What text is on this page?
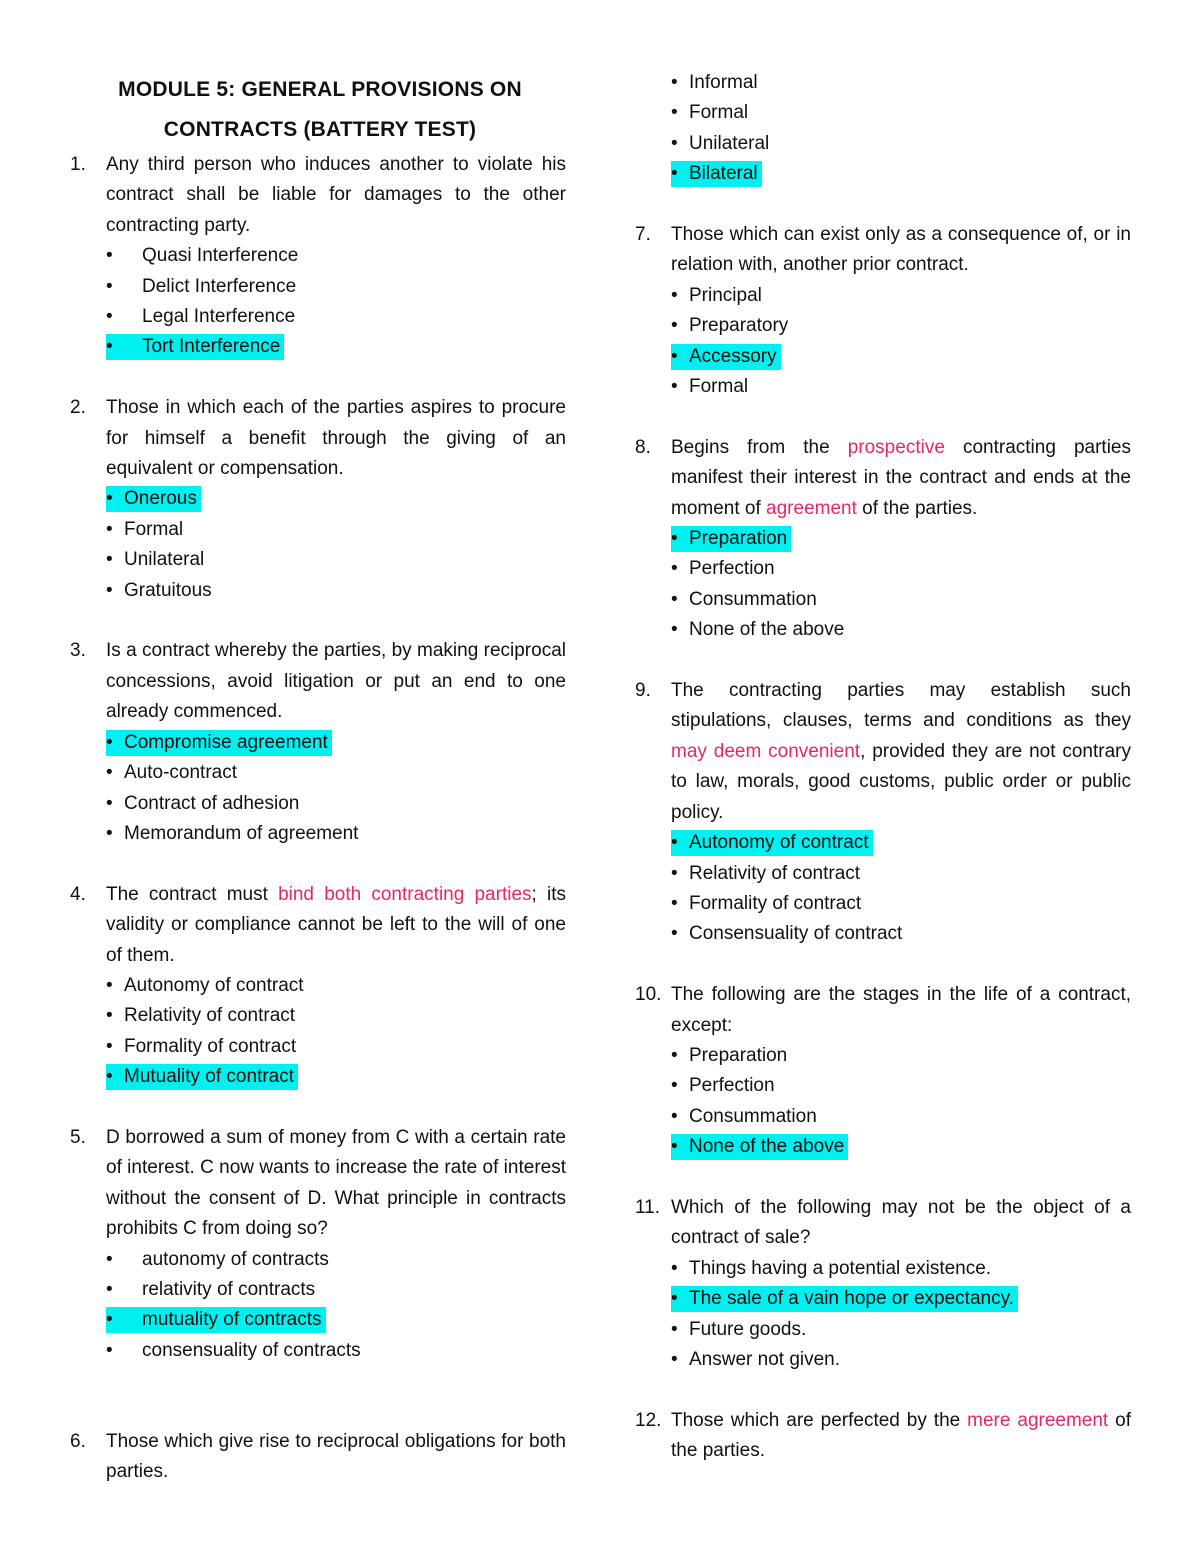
MODULE 5: GENERAL PROVISIONS ON
CONTRACTS (BATTERY TEST)
1.	Any third person who induces another to violate his contract shall be liable for damages to the other contracting party.
• Quasi Interference
• Delict Interference
• Legal Interference
• Tort Interference
2.	Those in which each of the parties aspires to procure for himself a benefit through the giving of an equivalent or compensation.
• Onerous
• Formal
• Unilateral
• Gratuitous
3.	Is a contract whereby the parties, by making reciprocal concessions, avoid litigation or put an end to one already commenced.
• Compromise agreement
• Auto-contract
• Contract of adhesion
• Memorandum of agreement
4.	The contract must bind both contracting parties; its validity or compliance cannot be left to the will of one of them.
• Autonomy of contract
• Relativity of contract
• Formality of contract
• Mutuality of contract
5.	D borrowed a sum of money from C with a certain rate of interest. C now wants to increase the rate of interest without the consent of D. What principle in contracts prohibits C from doing so?
• autonomy of contracts
• relativity of contracts
• mutuality of contracts
• consensuality of contracts
6.	Those which give rise to reciprocal obligations for both parties.
• Informal
• Formal
• Unilateral
• Bilateral
7.	Those which can exist only as a consequence of, or in relation with, another prior contract.
• Principal
• Preparatory
• Accessory
• Formal
8.	Begins from the prospective contracting parties manifest their interest in the contract and ends at the moment of agreement of the parties.
• Preparation
• Perfection
• Consummation
• None of the above
9.	The contracting parties may establish such stipulations, clauses, terms and conditions as they may deem convenient, provided they are not contrary to law, morals, good customs, public order or public policy.
• Autonomy of contract
• Relativity of contract
• Formality of contract
• Consensuality of contract
10. The following are the stages in the life of a contract, except:
• Preparation
• Perfection
• Consummation
• None of the above
11. Which of the following may not be the object of a contract of sale?
• Things having a potential existence.
• The sale of a vain hope or expectancy.
• Future goods.
• Answer not given.
12. Those which are perfected by the mere agreement of the parties.
